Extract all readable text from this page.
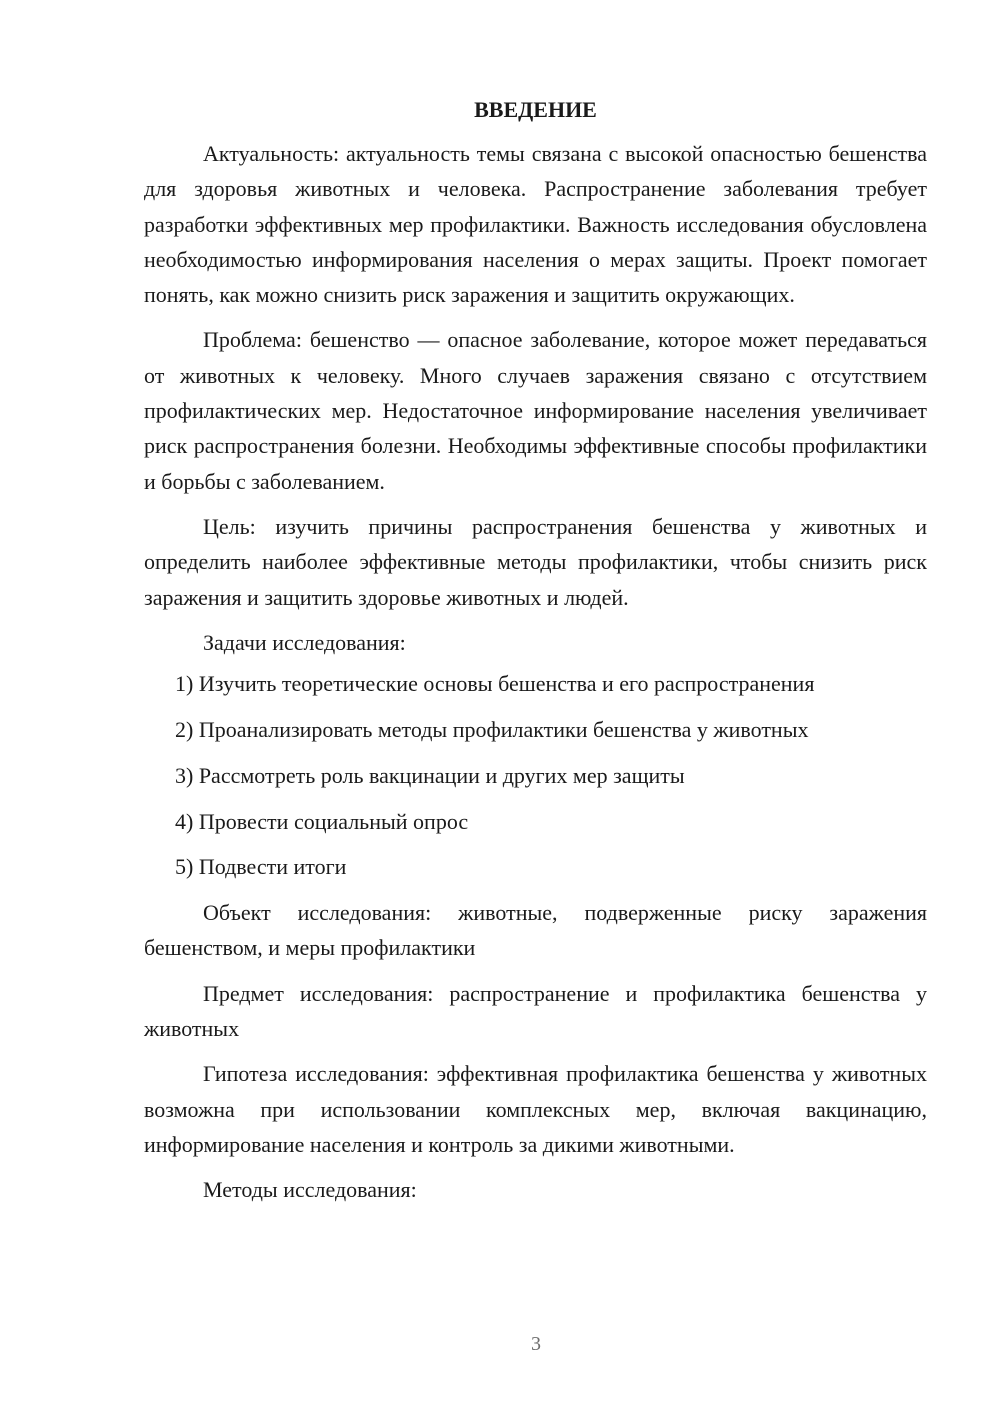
ВВЕДЕНИЕ

Актуальность: актуальность темы связана с высокой опасностью бешенства для здоровья животных и человека. Распространение заболевания требует разработки эффективных мер профилактики. Важность исследования обусловлена необходимостью информирования населения о мерах защиты. Проект помогает понять, как можно снизить риск заражения и защитить окружающих.

Проблема: бешенство — опасное заболевание, которое может передаваться от животных к человеку. Много случаев заражения связано с отсутствием профилактических мер. Недостаточное информирование населения увеличивает риск распространения болезни. Необходимы эффективные способы профилактики и борьбы с заболеванием.

Цель: изучить причины распространения бешенства у животных и определить наиболее эффективные методы профилактики, чтобы снизить риск заражения и защитить здоровье животных и людей.

Задачи исследования:

1) Изучить теоретические основы бешенства и его распространения
2) Проанализировать методы профилактики бешенства у животных
3) Рассмотреть роль вакцинации и других мер защиты
4) Провести социальный опрос
5) Подвести итоги

Объект исследования: животные, подверженные риску заражения бешенством, и меры профилактики

Предмет исследования: распространение и профилактика бешенства у животных

Гипотеза исследования: эффективная профилактика бешенства у животных возможна при использовании комплексных мер, включая вакцинацию, информирование населения и контроль за дикими животными.

Методы исследования:

3
